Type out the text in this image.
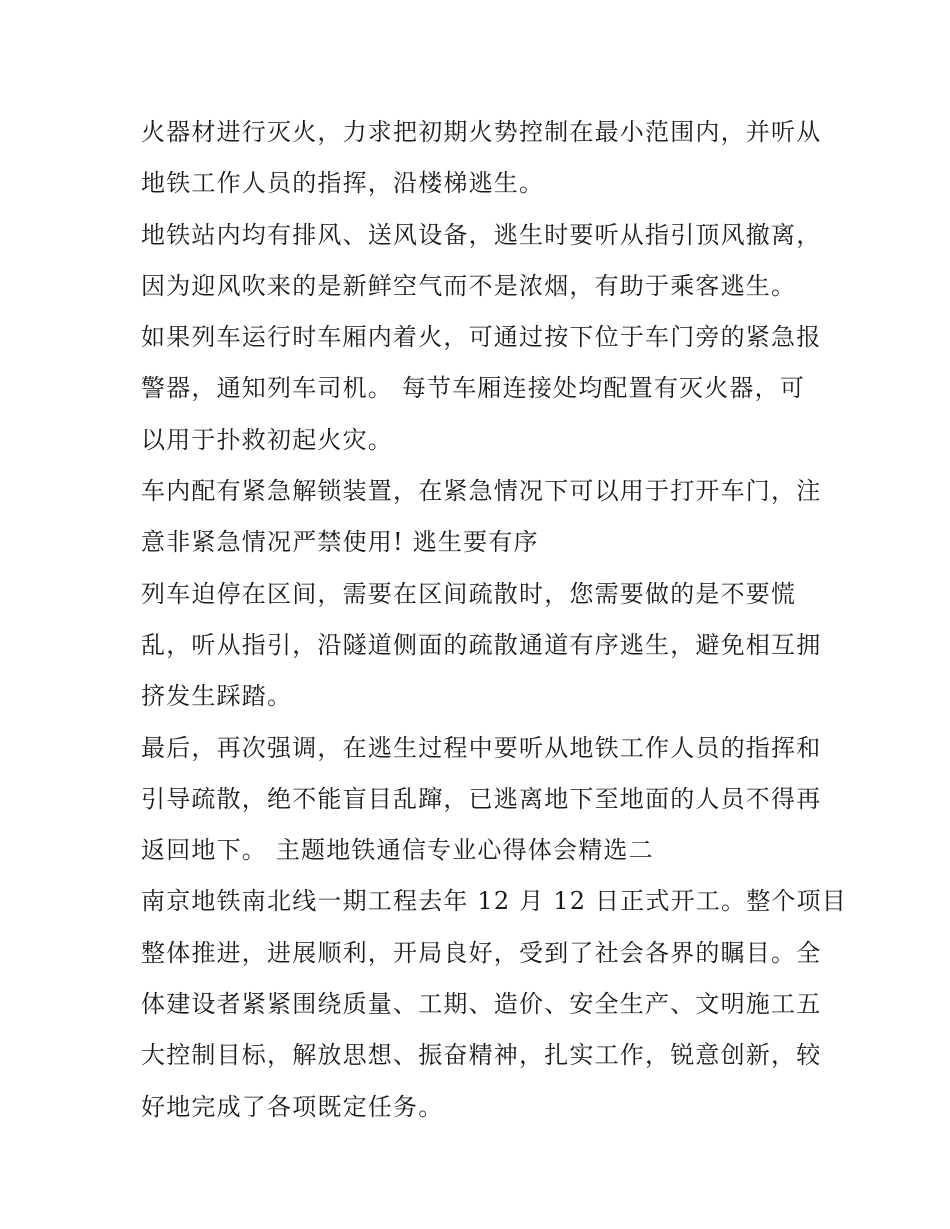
火器材进行灭火，力求把初期火势控制在最小范围内，并听从
地铁工作人员的指挥，沿楼梯逃生。
地铁站内均有排风、送风设备，逃生时要听从指引顶风撤离，
因为迎风吹来的是新鲜空气而不是浓烟，有助于乘客逃生。
如果列车运行时车厢内着火，可通过按下位于车门旁的紧急报
警器，通知列车司机。 每节车厢连接处均配置有灭火器，可
以用于扑救初起火灾。
车内配有紧急解锁装置，在紧急情况下可以用于打开车门，注
意非紧急情况严禁使用! 逃生要有序
列车迫停在区间，需要在区间疏散时，您需要做的是不要慌
乱，听从指引，沿隧道侧面的疏散通道有序逃生，避免相互拥
挤发生踩踏。
最后，再次强调，在逃生过程中要听从地铁工作人员的指挥和
引导疏散，绝不能盲目乱蹿，已逃离地下至地面的人员不得再
返回地下。 主题地铁通信专业心得体会精选二
南京地铁南北线一期工程去年 12 月 12 日正式开工。整个项目
整体推进，进展顺利，开局良好，受到了社会各界的瞩目。全
体建设者紧紧围绕质量、工期、造价、安全生产、文明施工五
大控制目标，解放思想、振奋精神，扎实工作，锐意创新，较
好地完成了各项既定任务。
